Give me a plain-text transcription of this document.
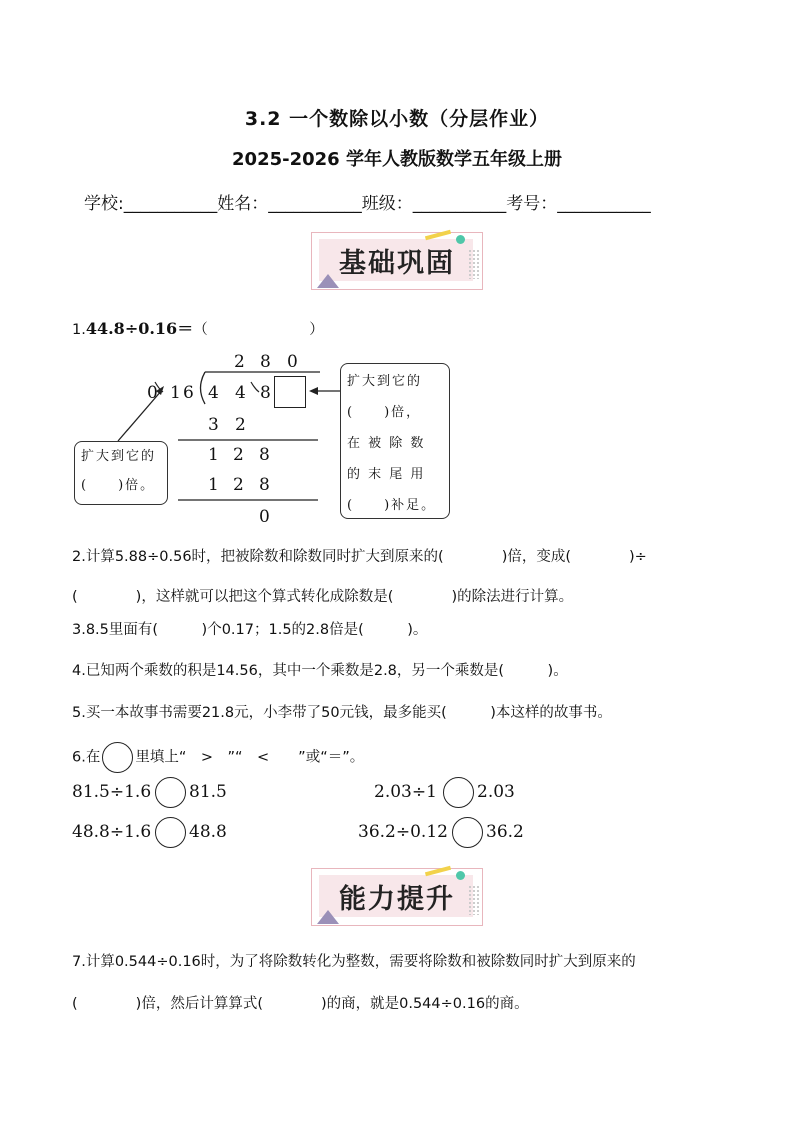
3.2 一个数除以小数（分层作业）
2025-2026 学年人教版数学五年级上册
学校:___________姓名：___________班级：___________考号：___________
基础巩固
1.44.8÷0.16＝（　　　　　　　）
2 8 0
0 1 6 4 4 8
3 2
1 2 8
1 2 8
0
扩大到它的
(　　)倍。
扩大到它的
(　　)倍，
在 被 除 数
的 末 尾 用
(　　)补足。
2.计算5.88÷0.56时，把被除数和除数同时扩大到原来的(　　　　)倍，变成(　　　　)÷
(　　　　)，这样就可以把这个算式转化成除数是(　　　　)的除法进行计算。
3.8.5里面有(　　　)个0.17；1.5的2.8倍是(　　　)。
4.已知两个乘数的积是14.56，其中一个乘数是2.8，另一个乘数是(　　　)。
5.买一本故事书需要21.8元，小李带了50元钱，最多能买(　　　)本这样的故事书。
6.在 里填上“　>　”“　<　　”或“＝”。
81.5÷1.6 81.5	2.03÷1 2.03
48.8÷1.6 48.8	36.2÷0.12 36.2
能力提升
7.计算0.544÷0.16时，为了将除数转化为整数，需要将除数和被除数同时扩大到原来的
(　　　　)倍，然后计算算式(　　　　)的商，就是0.544÷0.16的商。
